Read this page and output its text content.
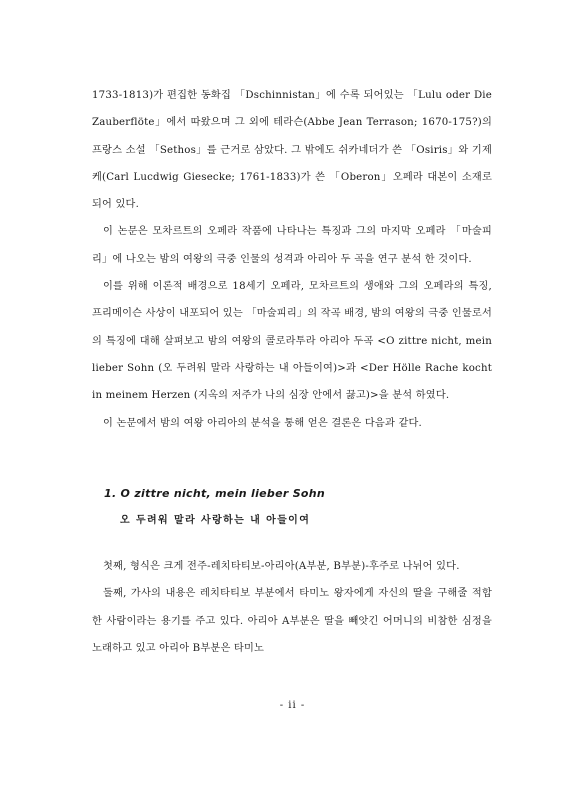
1733-1813)가 편집한 동화집 「Dschinnistan」에 수록 되어있는 「Lulu oder Die Zauberflöte」에서 따왔으며 그 외에 테라슨(Abbe Jean Terrason; 1670-175?)의 프랑스 소설 「Sethos」를 근거로 삼았다. 그 밖에도 쉬카네더가 쓴 「Osiris」와 기제케(Carl Lucdwig Giesecke; 1761-1833)가 쓴 「Oberon」오페라 대본이 소재로 되어 있다.

이 논문은 모차르트의 오페라 작품에 나타나는 특징과 그의 마지막 오페라 「마술피리」에 나오는 밤의 여왕의 극중 인물의 성격과 아리아 두 곡을 연구 분석 한 것이다.

이를 위해 이론적 배경으로 18세기 오페라, 모차르트의 생애와 그의 오페라의 특징, 프리메이슨 사상이 내포되어 있는 「마술피리」의 작곡 배경, 밤의 여왕의 극중 인물로서의 특징에 대해 살펴보고 밤의 여왕의 콜로라투라 아리아 두곡 <O zittre nicht, mein lieber Sohn (오 두려워 말라 사랑하는 내 아들이여)>과 <Der Hölle Rache kocht in meinem Herzen (지옥의 저주가 나의 심장 안에서 끓고)>을 분석 하였다.

이 논문에서 밤의 여왕 아리아의 분석을 통해 얻은 결론은 다음과 같다.

1. O zittre nicht, mein lieber Sohn
오 두려워 말라 사랑하는 내 아들이여

첫째, 형식은 크게 전주-레치타티보-아리아(A부분, B부분)-후주로 나뉘어 있다.

둘째, 가사의 내용은 레치타티보 부분에서 타미노 왕자에게 자신의 딸을 구해줄 적합한 사람이라는 용기를 주고 있다. 아리아 A부분은 딸을 빼앗긴 어머니의 비참한 심정을 노래하고 있고 아리아 B부분은 타미노

- ii -
